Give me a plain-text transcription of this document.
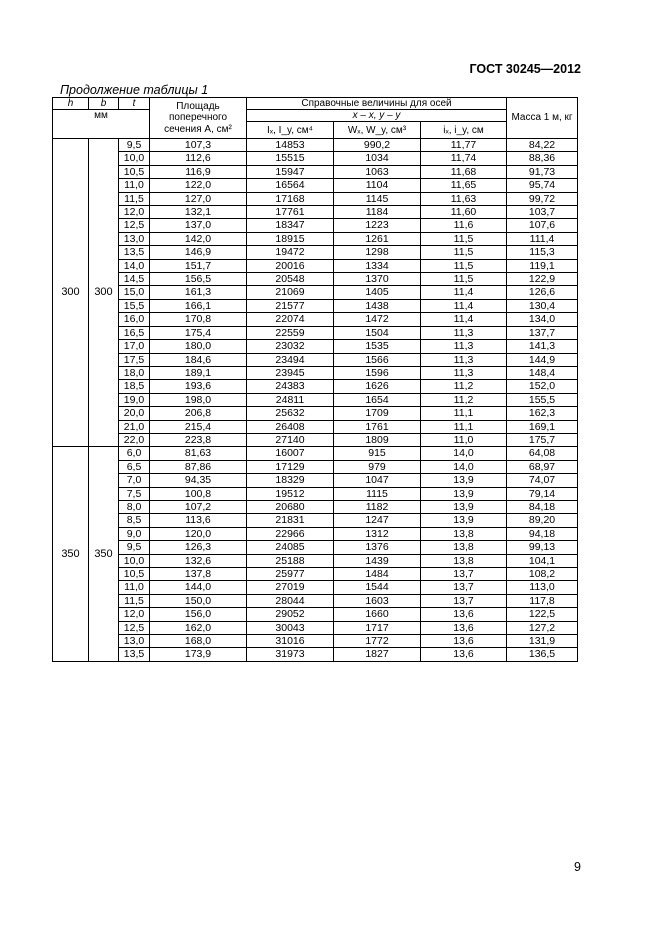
ГОСТ 30245—2012
Продолжение таблицы 1
h	b	t	Площадь поперечного сечения A, см²	Справочные величины для осей			Масса 1 м, кг
мм				x – x, y – y			
				Iₓ, I_y, см⁴	Wₓ, W_y, см³	iₓ, i_y, см	
300	300	9,5	107,3	14853	990,2	11,77	84,22
		10,0	112,6	15515	1034	11,74	88,36
		10,5	116,9	15947	1063	11,68	91,73
		11,0	122,0	16564	1104	11,65	95,74
		11,5	127,0	17168	1145	11,63	99,72
		12,0	132,1	17761	1184	11,60	103,7
		12,5	137,0	18347	1223	11,6	107,6
		13,0	142,0	18915	1261	11,5	111,4
		13,5	146,9	19472	1298	11,5	115,3
		14,0	151,7	20016	1334	11,5	119,1
		14,5	156,5	20548	1370	11,5	122,9
		15,0	161,3	21069	1405	11,4	126,6
		15,5	166,1	21577	1438	11,4	130,4
		16,0	170,8	22074	1472	11,4	134,0
		16,5	175,4	22559	1504	11,3	137,7
		17,0	180,0	23032	1535	11,3	141,3
		17,5	184,6	23494	1566	11,3	144,9
		18,0	189,1	23945	1596	11,3	148,4
		18,5	193,6	24383	1626	11,2	152,0
		19,0	198,0	24811	1654	11,2	155,5
		20,0	206,8	25632	1709	11,1	162,3
		21,0	215,4	26408	1761	11,1	169,1
		22,0	223,8	27140	1809	11,0	175,7
350	350	6,0	81,63	16007	915	14,0	64,08
		6,5	87,86	17129	979	14,0	68,97
		7,0	94,35	18329	1047	13,9	74,07
		7,5	100,8	19512	1115	13,9	79,14
		8,0	107,2	20680	1182	13,9	84,18
		8,5	113,6	21831	1247	13,9	89,20
		9,0	120,0	22966	1312	13,8	94,18
		9,5	126,3	24085	1376	13,8	99,13
		10,0	132,6	25188	1439	13,8	104,1
		10,5	137,8	25977	1484	13,7	108,2
		11,0	144,0	27019	1544	13,7	113,0
		11,5	150,0	28044	1603	13,7	117,8
		12,0	156,0	29052	1660	13,6	122,5
		12,5	162,0	30043	1717	13,6	127,2
		13,0	168,0	31016	1772	13,6	131,9
		13,5	173,9	31973	1827	13,6	136,5
9
